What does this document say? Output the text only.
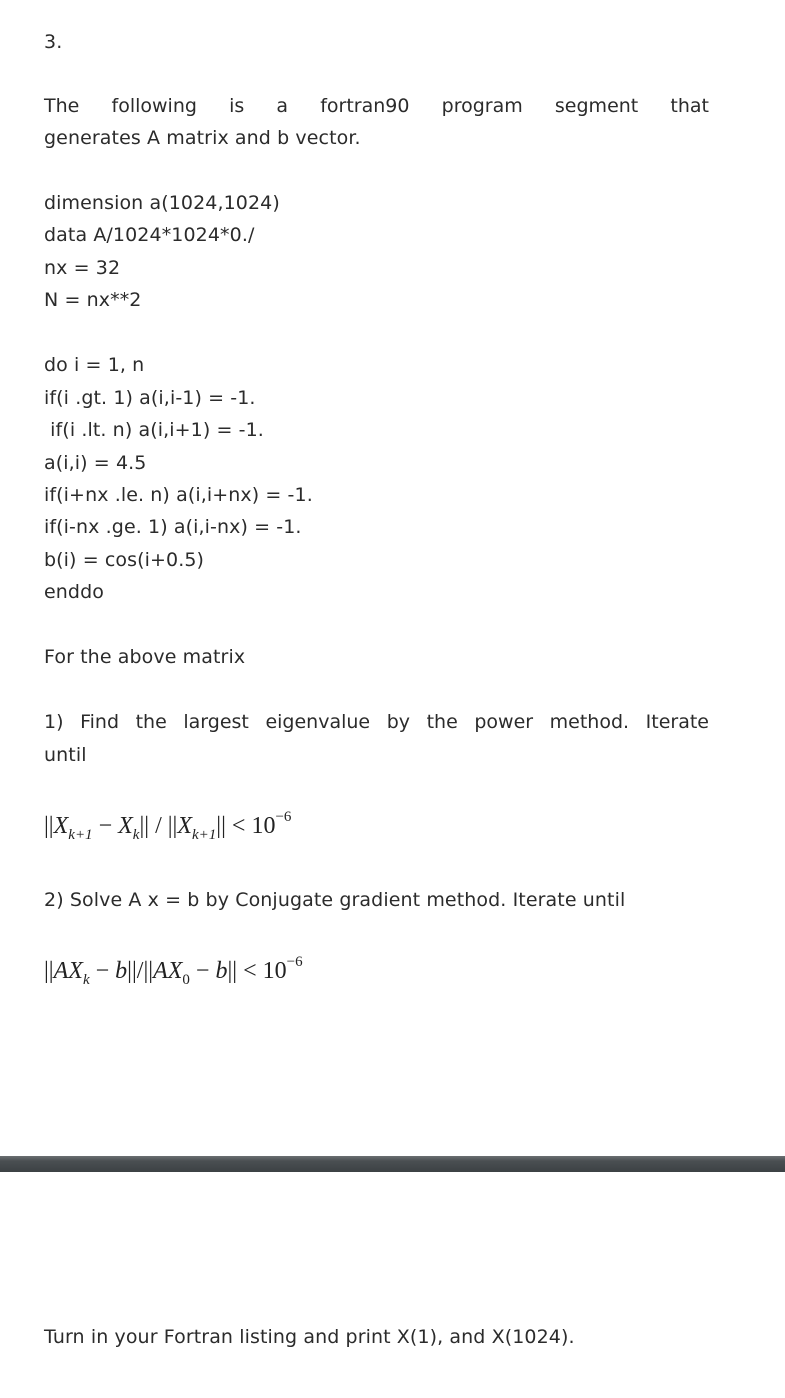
3.
The following is a fortran90 program segment that
generates A matrix and b vector.
dimension a(1024,1024)
data A/1024*1024*0./
nx = 32
N = nx**2
do i = 1, n
if(i .gt. 1) a(i,i-1) = -1.
if(i .lt. n) a(i,i+1) = -1.
a(i,i) = 4.5
if(i+nx .le. n) a(i,i+nx) = -1.
if(i-nx .ge. 1) a(i,i-nx) = -1.
b(i) = cos(i+0.5)
enddo
For the above matrix
1) Find the largest eigenvalue by the power method. Iterate
until
$||X_{k+1} - X_k|| / ||X_{k+1}|| < 10^{-6}$
2) Solve A x = b by Conjugate gradient method. Iterate until
$||AX_k - b||/||AX_0 - b|| < 10^{-6}$
Turn in your Fortran listing and print X(1), and X(1024).
